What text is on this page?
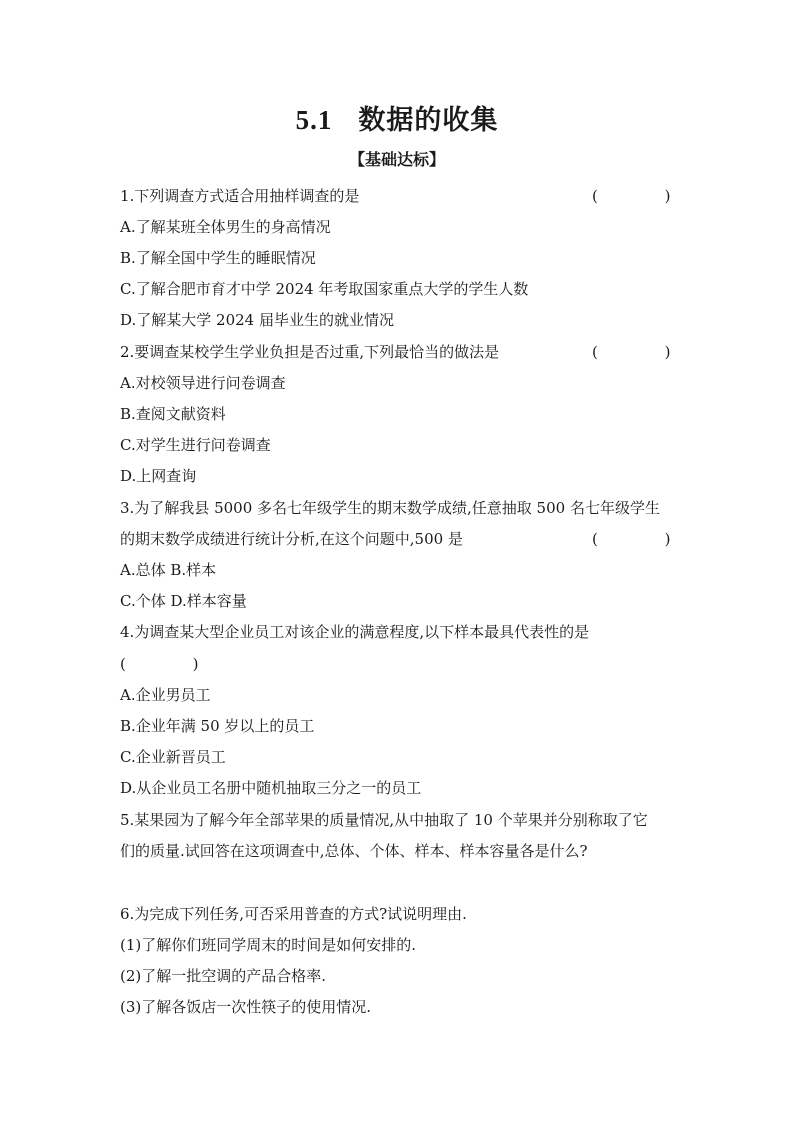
5.1 数据的收集
【基础达标】
1.下列调查方式适合用抽样调查的是	(              )
A.了解某班全体男生的身高情况
B.了解全国中学生的睡眠情况
C.了解合肥市育才中学 2024 年考取国家重点大学的学生人数
D.了解某大学 2024 届毕业生的就业情况
2.要调查某校学生学业负担是否过重,下列最恰当的做法是	(              )
A.对校领导进行问卷调查
B.查阅文献资料
C.对学生进行问卷调查
D.上网查询
3.为了解我县 5000 多名七年级学生的期末数学成绩,任意抽取 500 名七年级学生
的期末数学成绩进行统计分析,在这个问题中,500 是	(              )
A.总体 B.样本
C.个体 D.样本容量
4.为调查某大型企业员工对该企业的满意程度,以下样本最具代表性的是
(              )
A.企业男员工
B.企业年满 50 岁以上的员工
C.企业新晋员工
D.从企业员工名册中随机抽取三分之一的员工
5.某果园为了解今年全部苹果的质量情况,从中抽取了 10 个苹果并分别称取了它
们的质量.试回答在这项调查中,总体、个体、样本、样本容量各是什么?
6.为完成下列任务,可否采用普查的方式?试说明理由.
(1)了解你们班同学周末的时间是如何安排的.
(2)了解一批空调的产品合格率.
(3)了解各饭店一次性筷子的使用情况.
